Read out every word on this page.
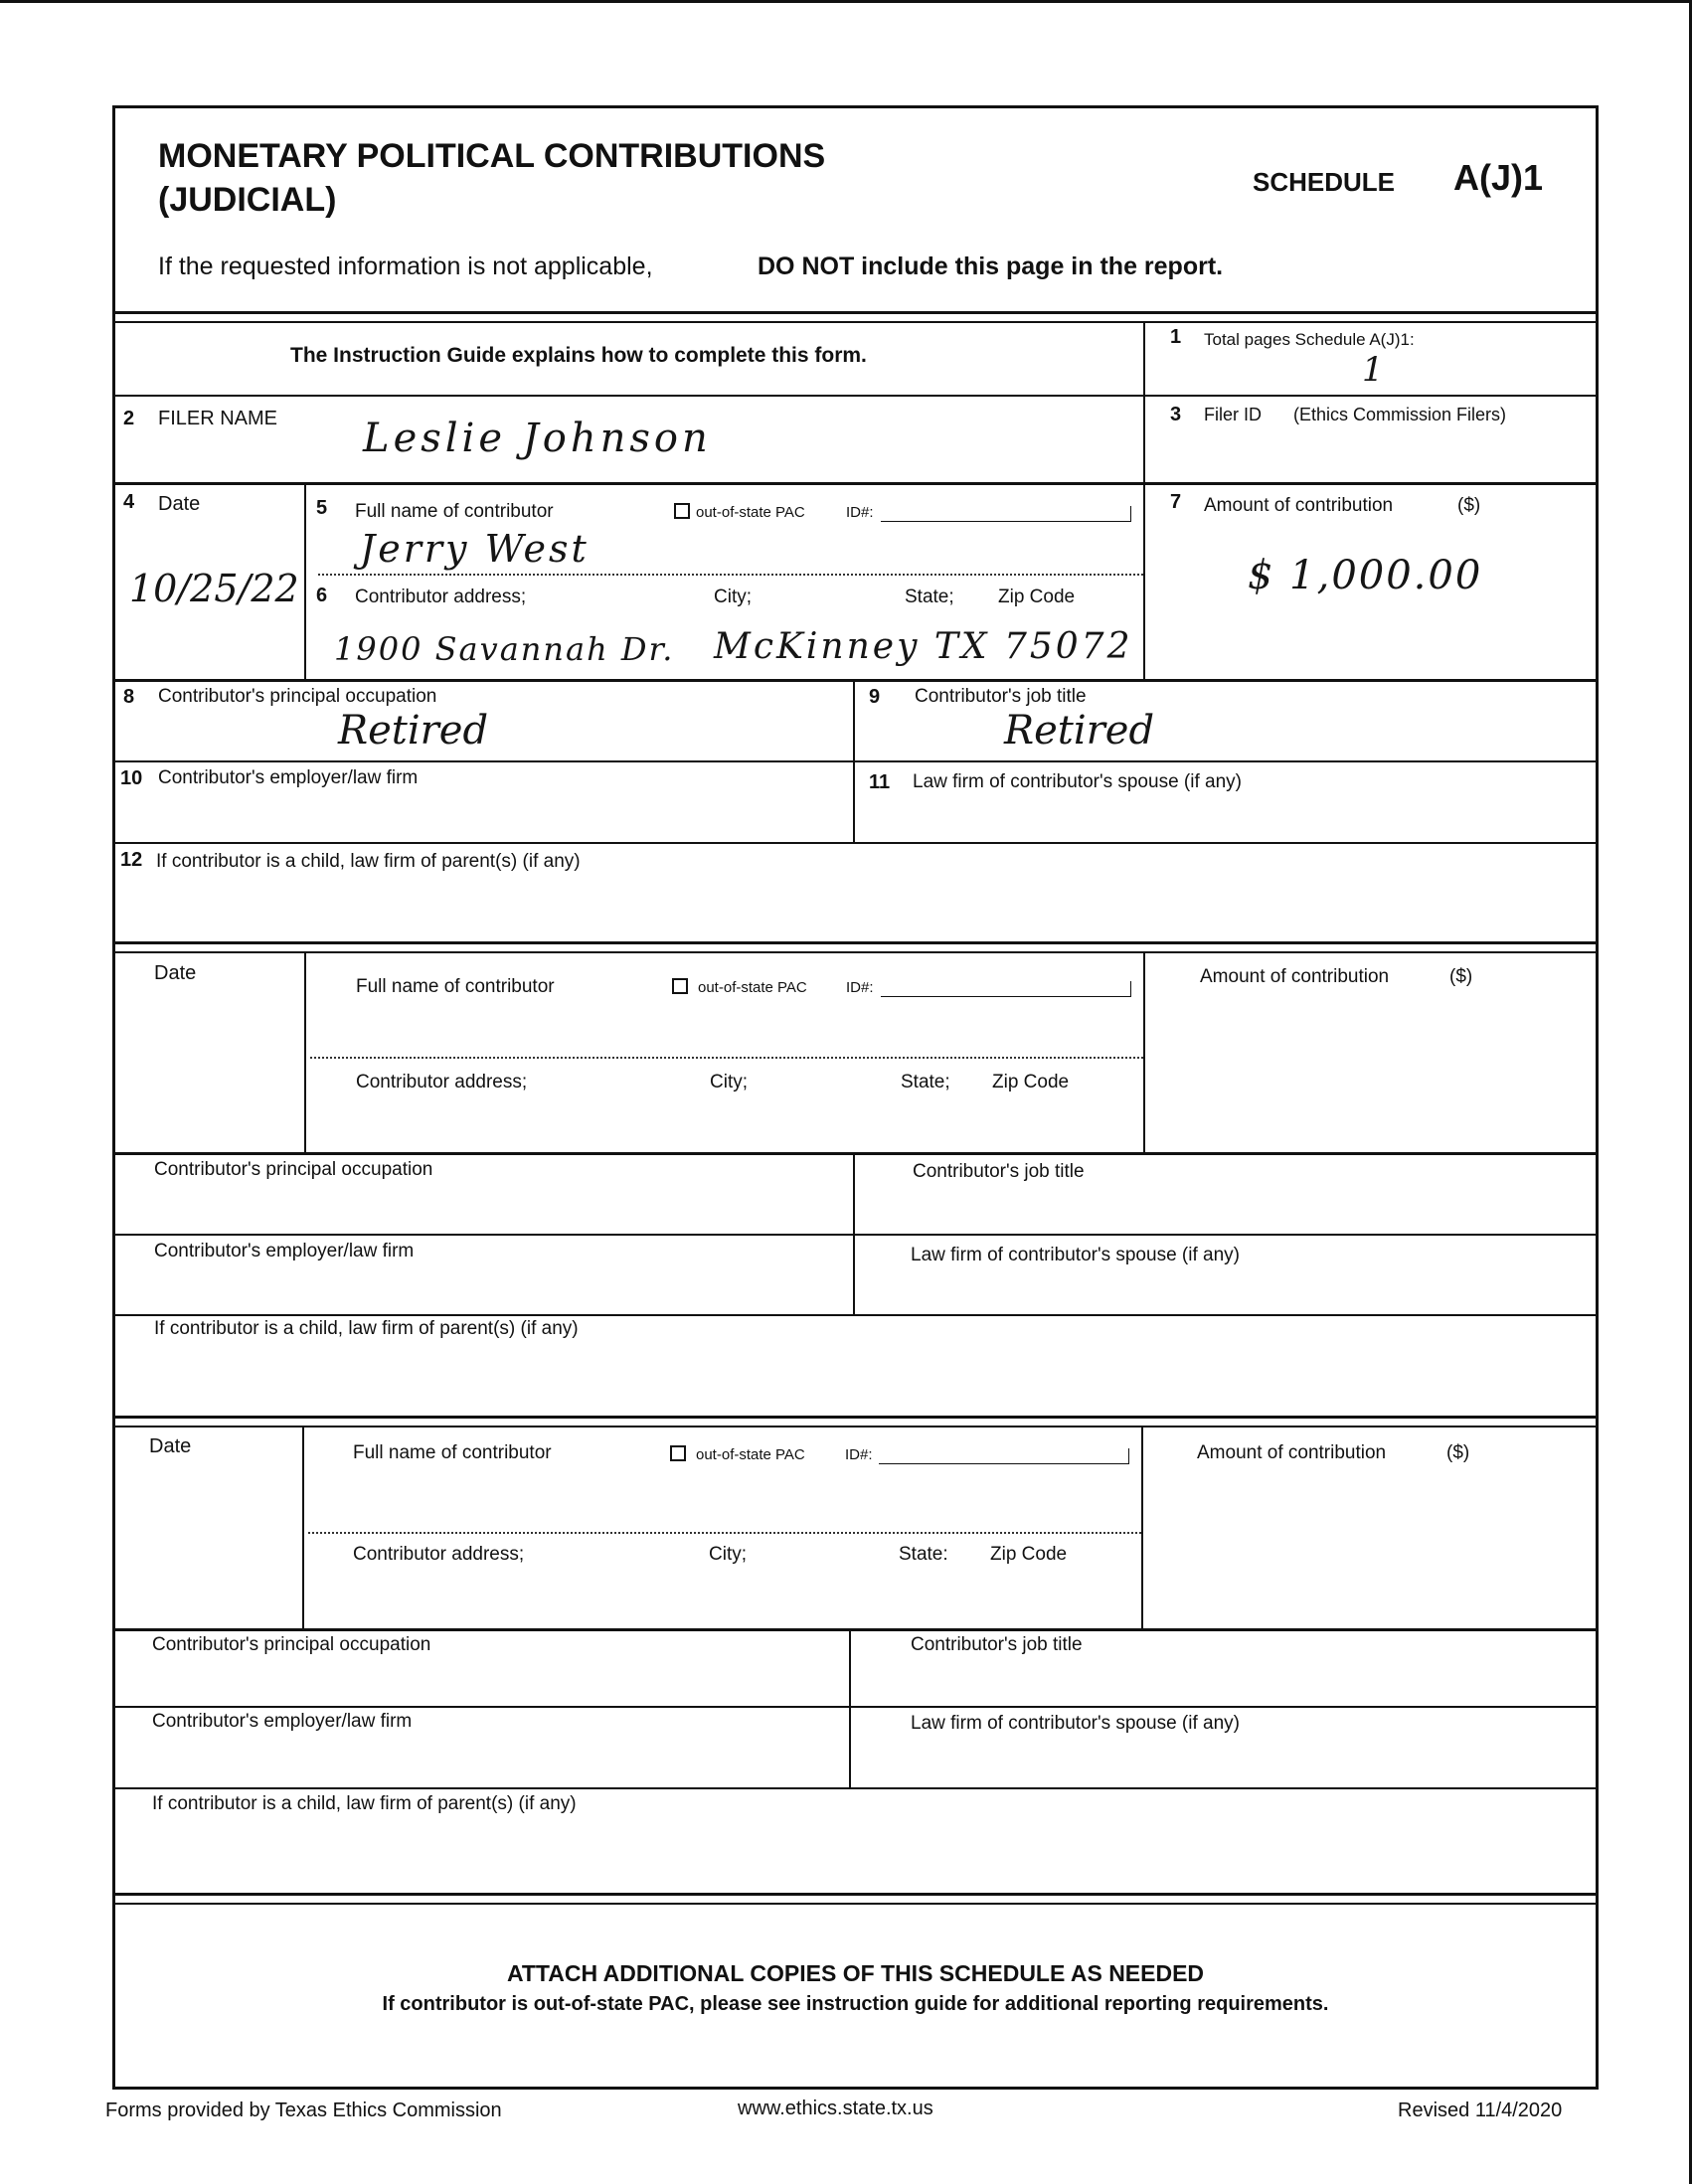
MONETARY POLITICAL CONTRIBUTIONS
(JUDICIAL)	SCHEDULE A(J)1
If the requested information is not applicable,	DO NOT include this page in the report.
The Instruction Guide explains how to complete this form.
1 Total pages Schedule A(J)1:
1
2 FILER NAME Leslie Johnson
3 Filer ID (Ethics Commission Filers)
4 Date
10/25/22
5 Full name of contributor	out-of-state PAC	ID#:
Jerry West
6 Contributor address;	City;	State; Zip Code
1900 Savannah Dr. McKinney TX 75072
7 Amount of contribution	($)
$ 1,000.00
8 Contributor's principal occupation
Retired
9 Contributor's job title
Retired
10 Contributor's employer/law firm	11 Law firm of contributor's spouse (if any)
12 If contributor is a child, law firm of parent(s) (if any)
Date
Full name of contributor	out-of-state PAC	ID#:
Contributor address;	City;	State; Zip Code
Amount of contribution	($)
Contributor's principal occupation	Contributor's job title
Contributor's employer/law firm	Law firm of contributor's spouse (if any)
If contributor is a child, law firm of parent(s) (if any)
Date	Full name of contributor	out-of-state PAC	ID#:
Contributor address;	City;	State: Zip Code
Amount of contribution	($)
Contributor's principal occupation	Contributor's job title
Contributor's employer/law firm	Law firm of contributor's spouse (if any)
If contributor is a child, law firm of parent(s) (if any)
ATTACH ADDITIONAL COPIES OF THIS SCHEDULE AS NEEDED
If contributor is out-of-state PAC, please see instruction guide for additional reporting requirements.
Forms provided by Texas Ethics Commission	www.ethics.state.tx.us	Revised 11/4/2020
